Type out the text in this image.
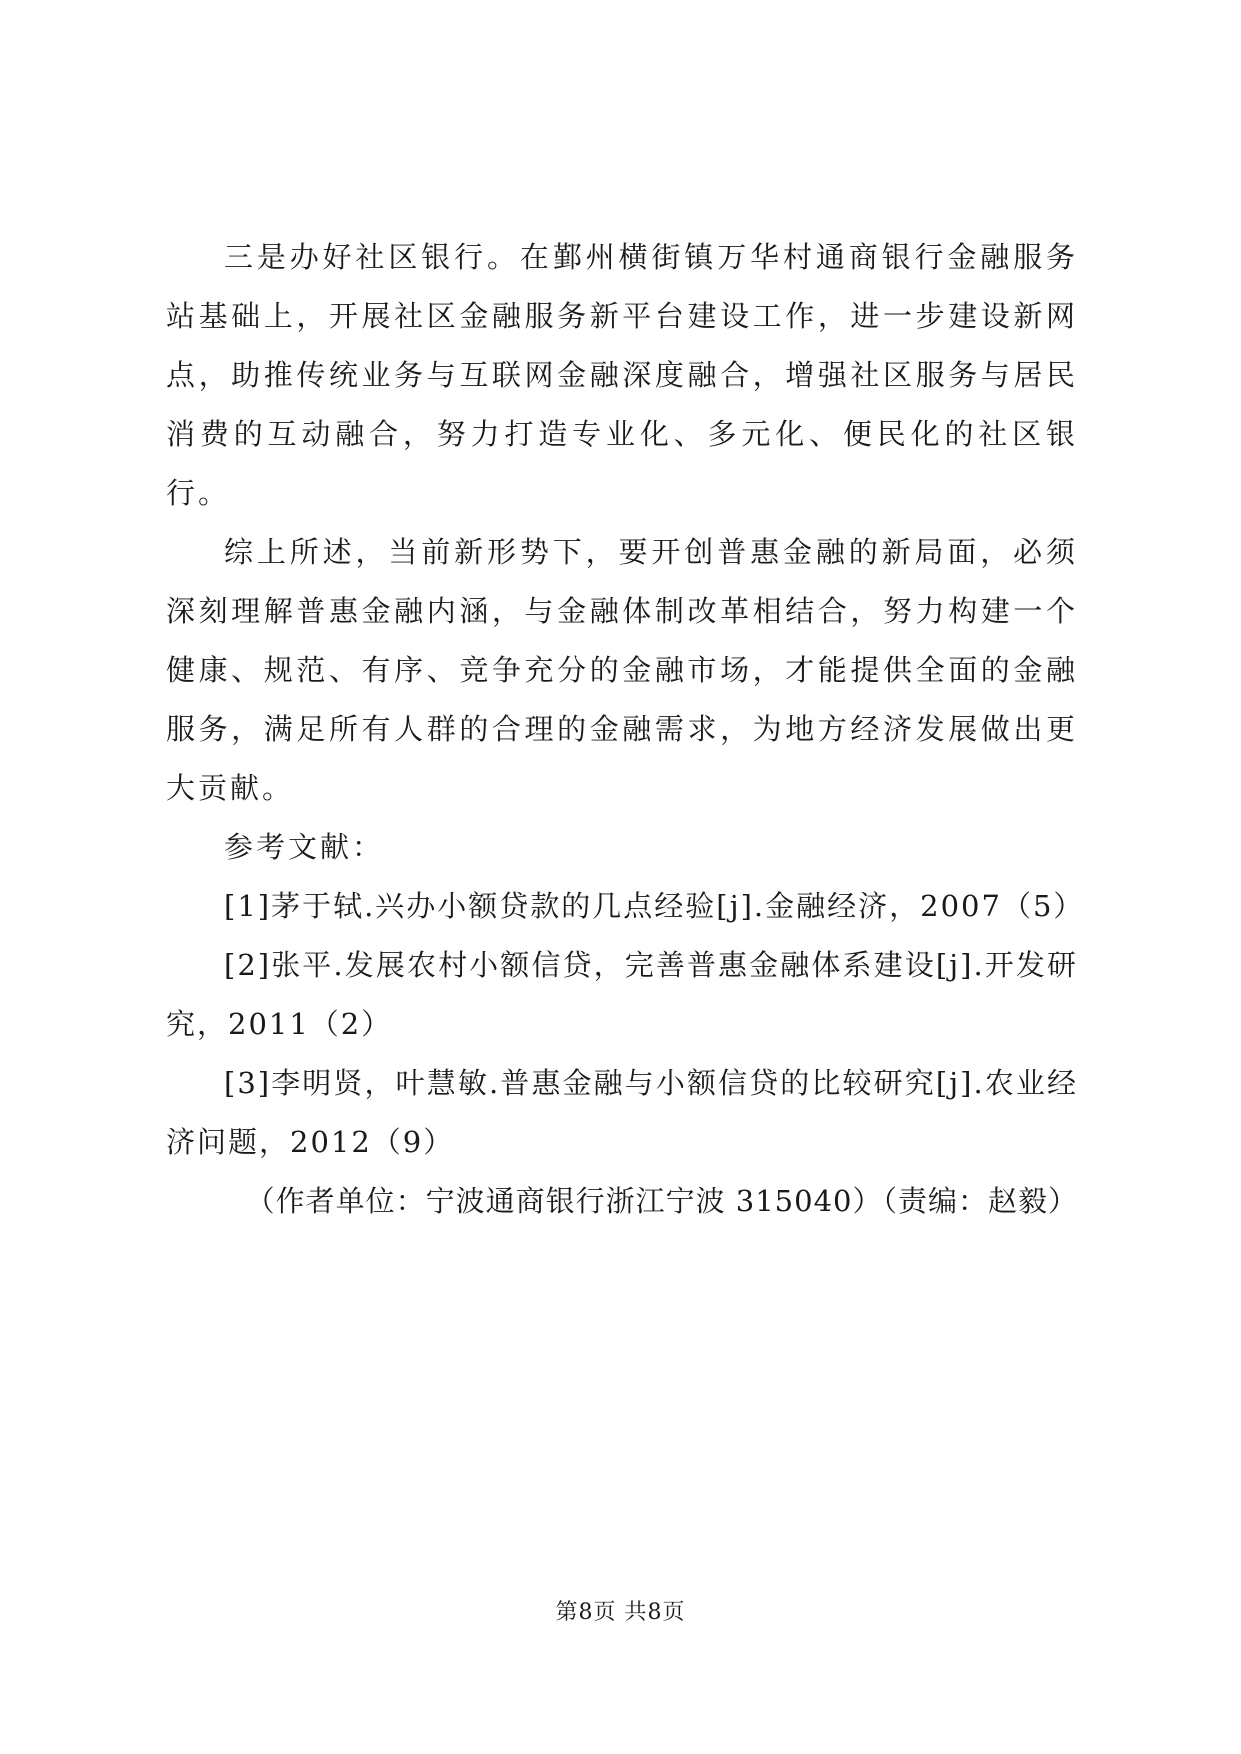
三是办好社区银行。在鄞州横街镇万华村通商银行金融服务站基础上，开展社区金融服务新平台建设工作，进一步建设新网点，助推传统业务与互联网金融深度融合，增强社区服务与居民消费的互动融合，努力打造专业化、多元化、便民化的社区银行。

综上所述，当前新形势下，要开创普惠金融的新局面，必须深刻理解普惠金融内涵，与金融体制改革相结合，努力构建一个健康、规范、有序、竞争充分的金融市场，才能提供全面的金融服务，满足所有人群的合理的金融需求，为地方经济发展做出更大贡献。

参考文献：

[1]茅于轼.兴办小额贷款的几点经验[j].金融经济，2007（5）

[2]张平.发展农村小额信贷，完善普惠金融体系建设[j].开发研究，2011（2）

[3]李明贤，叶慧敏.普惠金融与小额信贷的比较研究[j].农业经济问题，2012（9）

（作者单位：宁波通商银行浙江宁波 315040）（责编：赵毅）

第8页 共8页
